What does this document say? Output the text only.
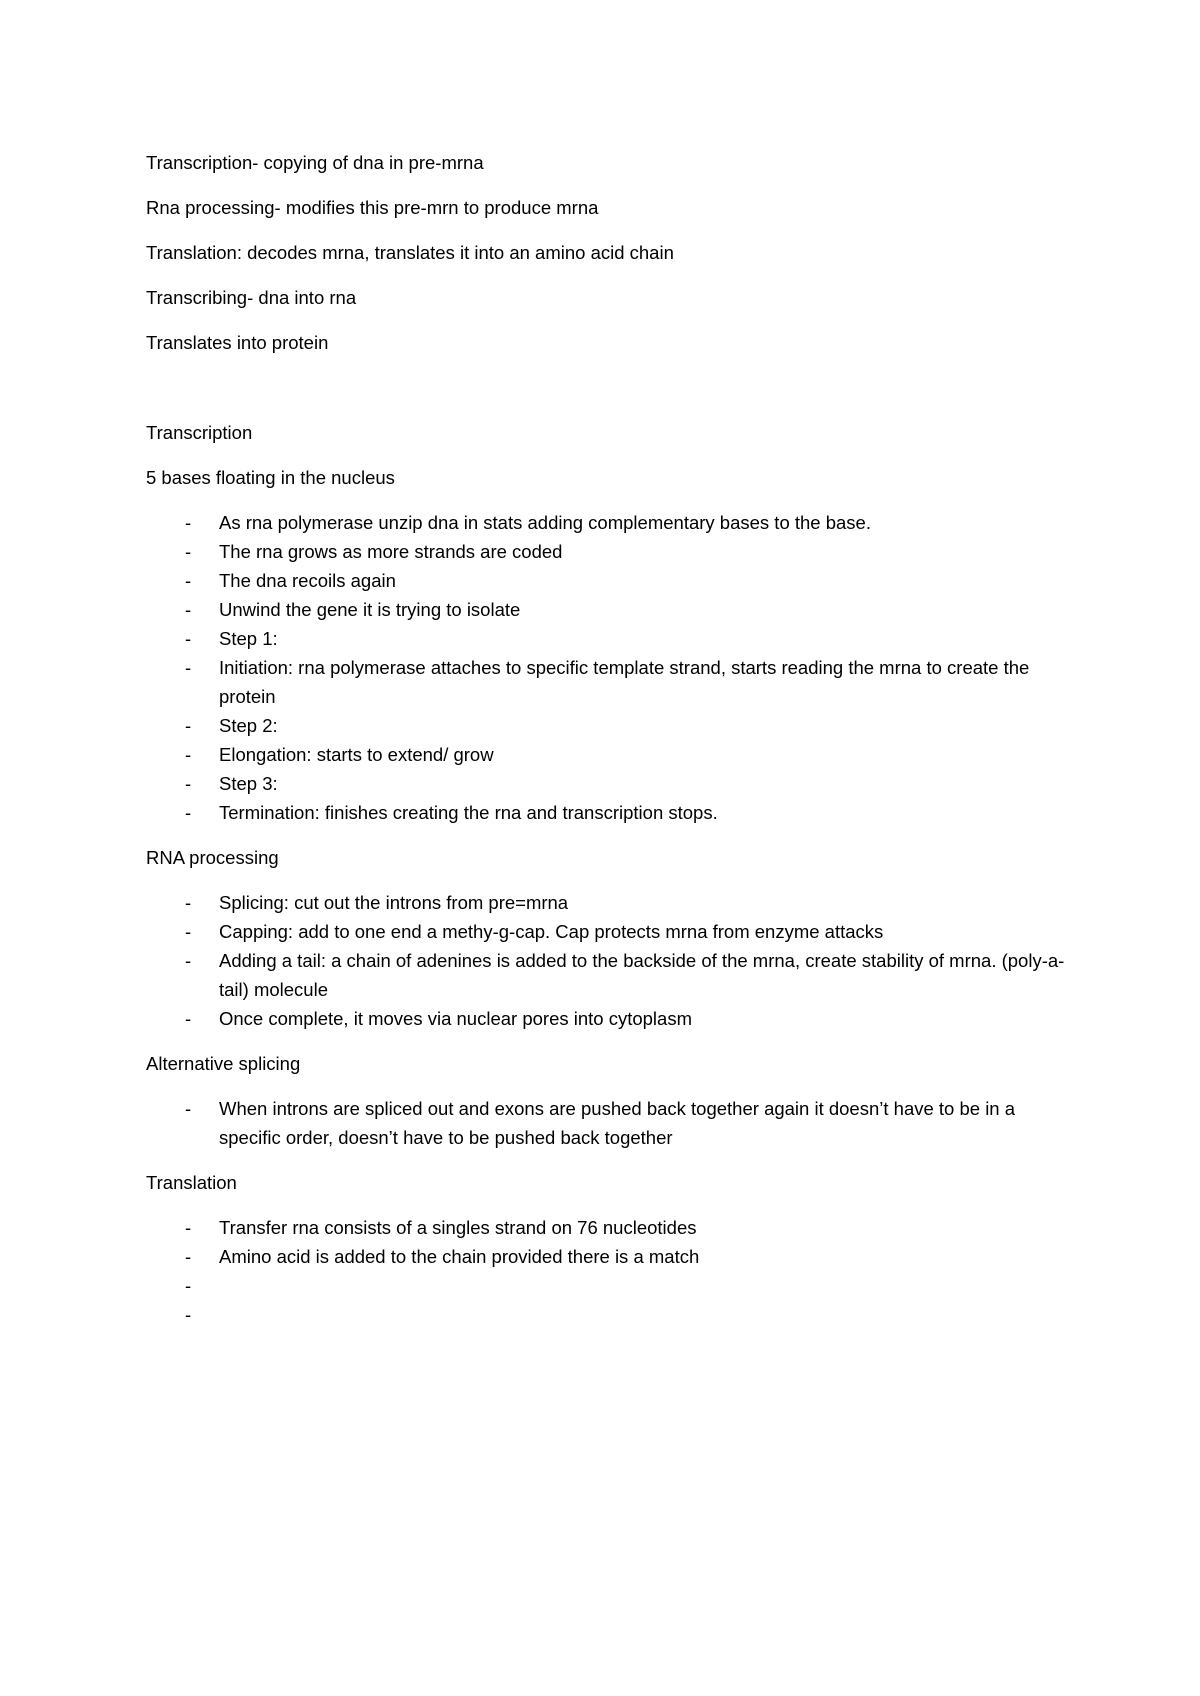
Transcription- copying of dna in pre-mrna

Rna processing- modifies this pre-mrn to produce mrna

Translation: decodes mrna, translates it into an amino acid chain

Transcribing- dna into rna

Translates into protein

Transcription

5 bases floating in the nucleus

- As rna polymerase unzip dna in stats adding complementary bases to the base.
- The rna grows as more strands are coded
- The dna recoils again
- Unwind the gene it is trying to isolate
- Step 1:
- Initiation: rna polymerase attaches to specific template strand, starts reading the mrna to create the protein
- Step 2:
- Elongation: starts to extend/ grow
- Step 3:
- Termination: finishes creating the rna and transcription stops.

RNA processing

- Splicing: cut out the introns from pre=mrna
- Capping: add to one end a methy-g-cap. Cap protects mrna from enzyme attacks
- Adding a tail: a chain of adenines is added to the backside of the mrna, create stability of mrna. (poly-a-tail) molecule
- Once complete, it moves via nuclear pores into cytoplasm

Alternative splicing

- When introns are spliced out and exons are pushed back together again it doesn’t have to be in a specific order, doesn’t have to be pushed back together

Translation

- Transfer rna consists of a singles strand on 76 nucleotides
- Amino acid is added to the chain provided there is a match
-
-
